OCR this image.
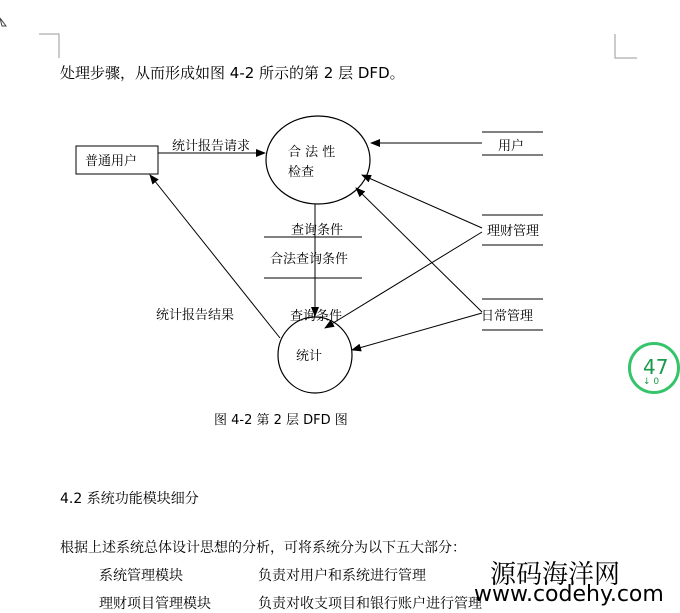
处理步骤，从而形成如图 4-2 所示的第 2 层 DFD。
普通用户
合 法 性
检查
统计
用户
理财管理
日常管理
合法查询条件
统计报告请求
查询条件
查询条件
统计报告结果
图 4-2 第 2 层 DFD 图
4.2 系统功能模块细分
根据上述系统总体设计思想的分析，可将系统分为以下五大部分：
系统管理模块	负责对用户和系统进行管理
理财项目管理模块	负责对收支项目和银行账户进行管理
47
↓ 0
源码海洋网
www.codehy.com
